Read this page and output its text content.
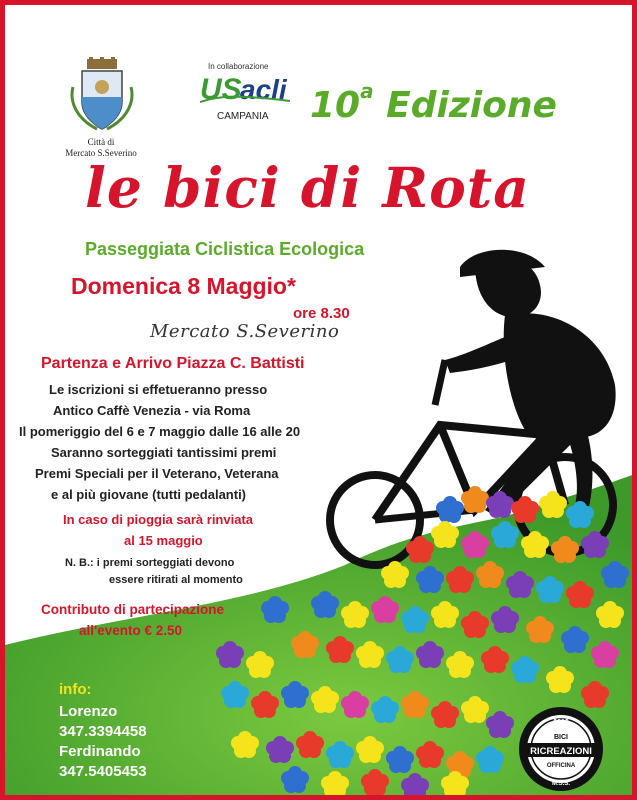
Città di
Mercato S.Severino
In collaborazione
US
acli
CAMPANIA 10$^a$ Edizione
le bici di Rota
Passeggiata Ciclistica Ecologica
Domenica 8 Maggio*
ore 8.30
Mercato S.Severino
Partenza e Arrivo Piazza C. Battisti
Le iscrizioni si effetueranno presso
Antico Caffè Venezia - via Roma
Il pomeriggio del 6 e 7 maggio dalle 16 alle 20
Saranno sorteggiati tantissimi premi
Premi Speciali per il Veterano, Veterana
e al più giovane (tutti pedalanti)
In caso di pioggia sarà rinviata
al 15 maggio
N. B.: i premi sorteggiati devono
essere ritirati al momento
Contributo di partecipazione
all'evento € 2.50
info:
Lorenzo
347.3394458
Ferdinando
347.5405453
2013
BICI
RICREAZIONI
OFFICINA
M.S.S.
